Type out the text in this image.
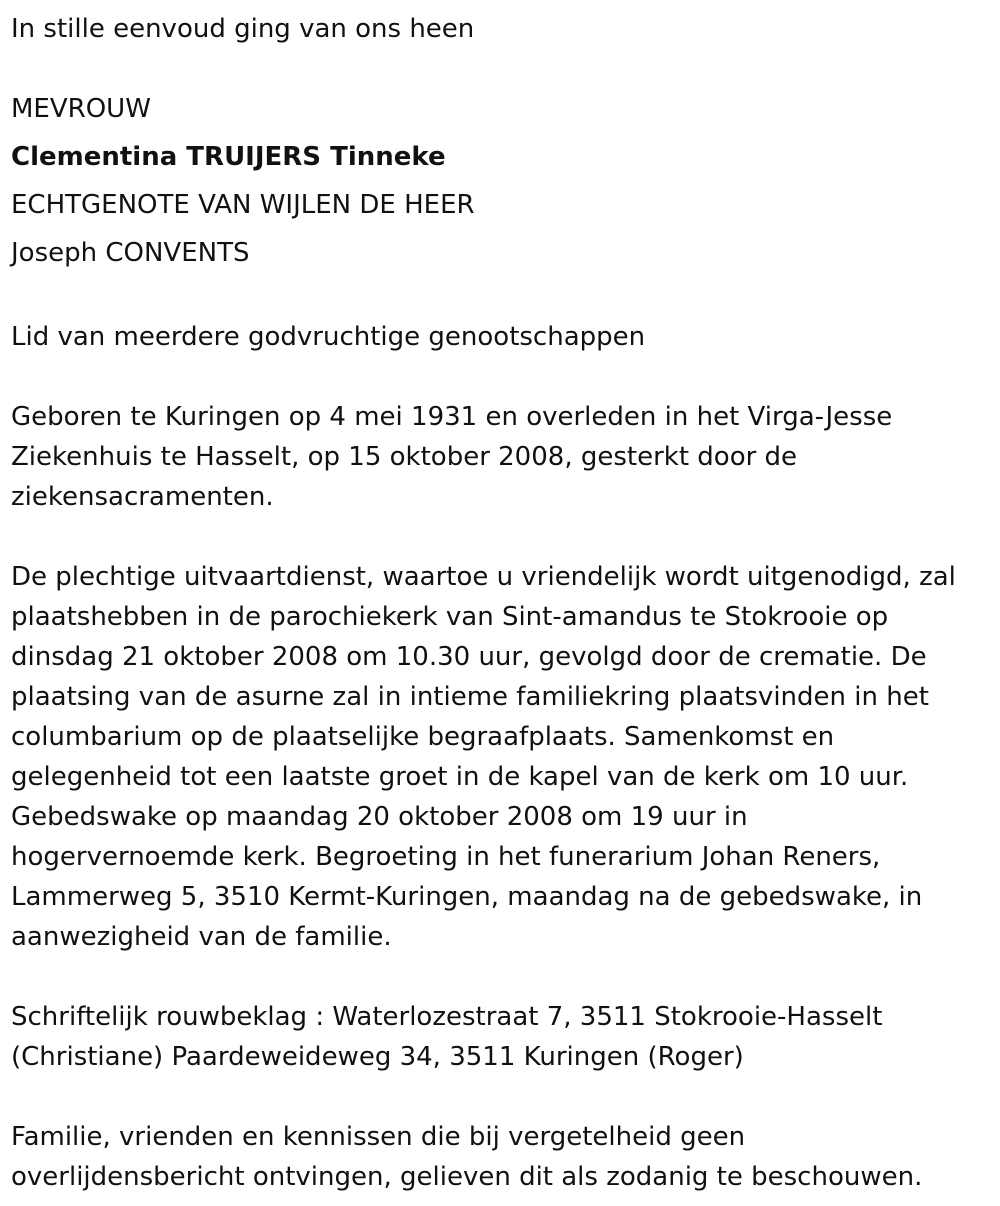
In stille eenvoud ging van ons heen

MEVROUW

Clementina TRUIJERS Tinneke

ECHTGENOTE VAN WIJLEN DE HEER

Joseph CONVENTS

Lid van meerdere godvruchtige genootschappen

Geboren te Kuringen op 4 mei 1931 en overleden in het Virga-Jesse
Ziekenhuis te Hasselt, op 15 oktober 2008, gesterkt door de
ziekensacramenten.

De plechtige uitvaartdienst, waartoe u vriendelijk wordt uitgenodigd, zal
plaatshebben in de parochiekerk van Sint-amandus te Stokrooie op
dinsdag 21 oktober 2008 om 10.30 uur, gevolgd door de crematie. De
plaatsing van de asurne zal in intieme familiekring plaatsvinden in het
columbarium op de plaatselijke begraafplaats. Samenkomst en
gelegenheid tot een laatste groet in de kapel van de kerk om 10 uur.
Gebedswake op maandag 20 oktober 2008 om 19 uur in
hogervernoemde kerk. Begroeting in het funerarium Johan Reners,
Lammerweg 5, 3510 Kermt-Kuringen, maandag na de gebedswake, in
aanwezigheid van de familie.

Schriftelijk rouwbeklag : Waterlozestraat 7, 3511 Stokrooie-Hasselt
(Christiane) Paardeweideweg 34, 3511 Kuringen (Roger)

Familie, vrienden en kennissen die bij vergetelheid geen
overlijdensbericht ontvingen, gelieven dit als zodanig te beschouwen.
